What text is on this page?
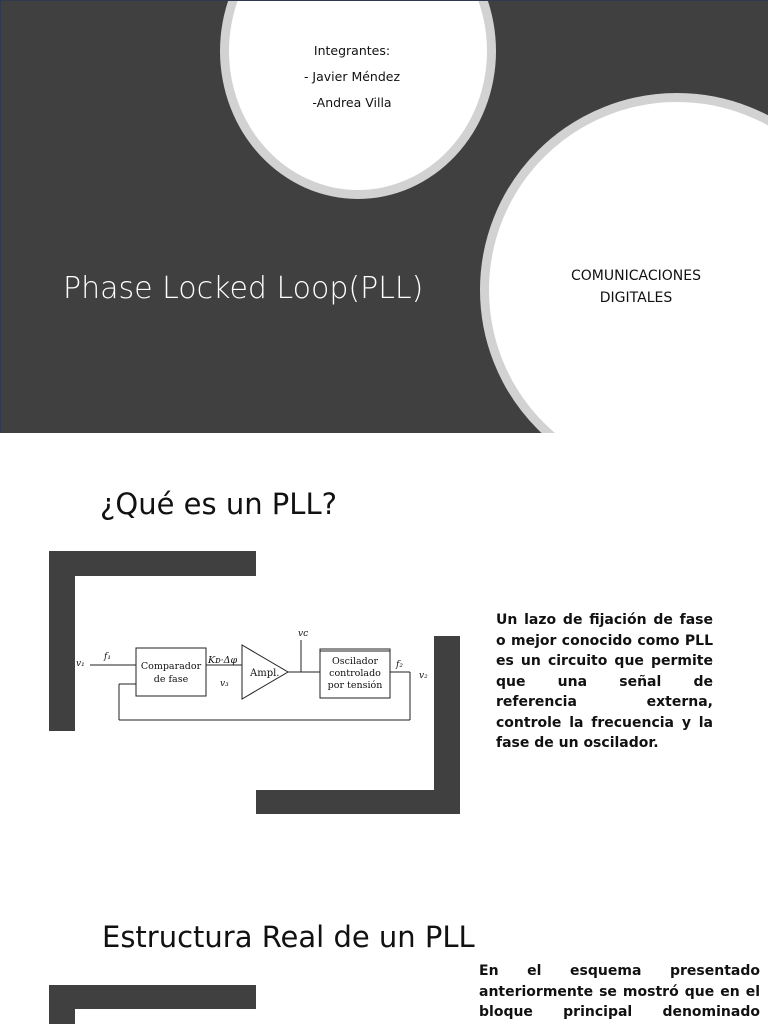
Integrantes:
- Javier Méndez
-Andrea Villa
COMUNICACIONES
DIGITALES
Phase Locked Loop(PLL)
¿Qué es un PLL?
v₁
f₁
Comparador
de fase
Kᴅ·Δφ
v₃
Ampl.
vᴄ
Oscilador
controlado
por tensión
f₂
v₂
Un lazo de fijación de fase o mejor conocido como PLL es un circuito que permite que una señal de referencia externa, controle la frecuencia y la fase de un oscilador.
Estructura Real de un PLL
En el esquema presentado anteriormente se mostró que en el bloque principal denominado
